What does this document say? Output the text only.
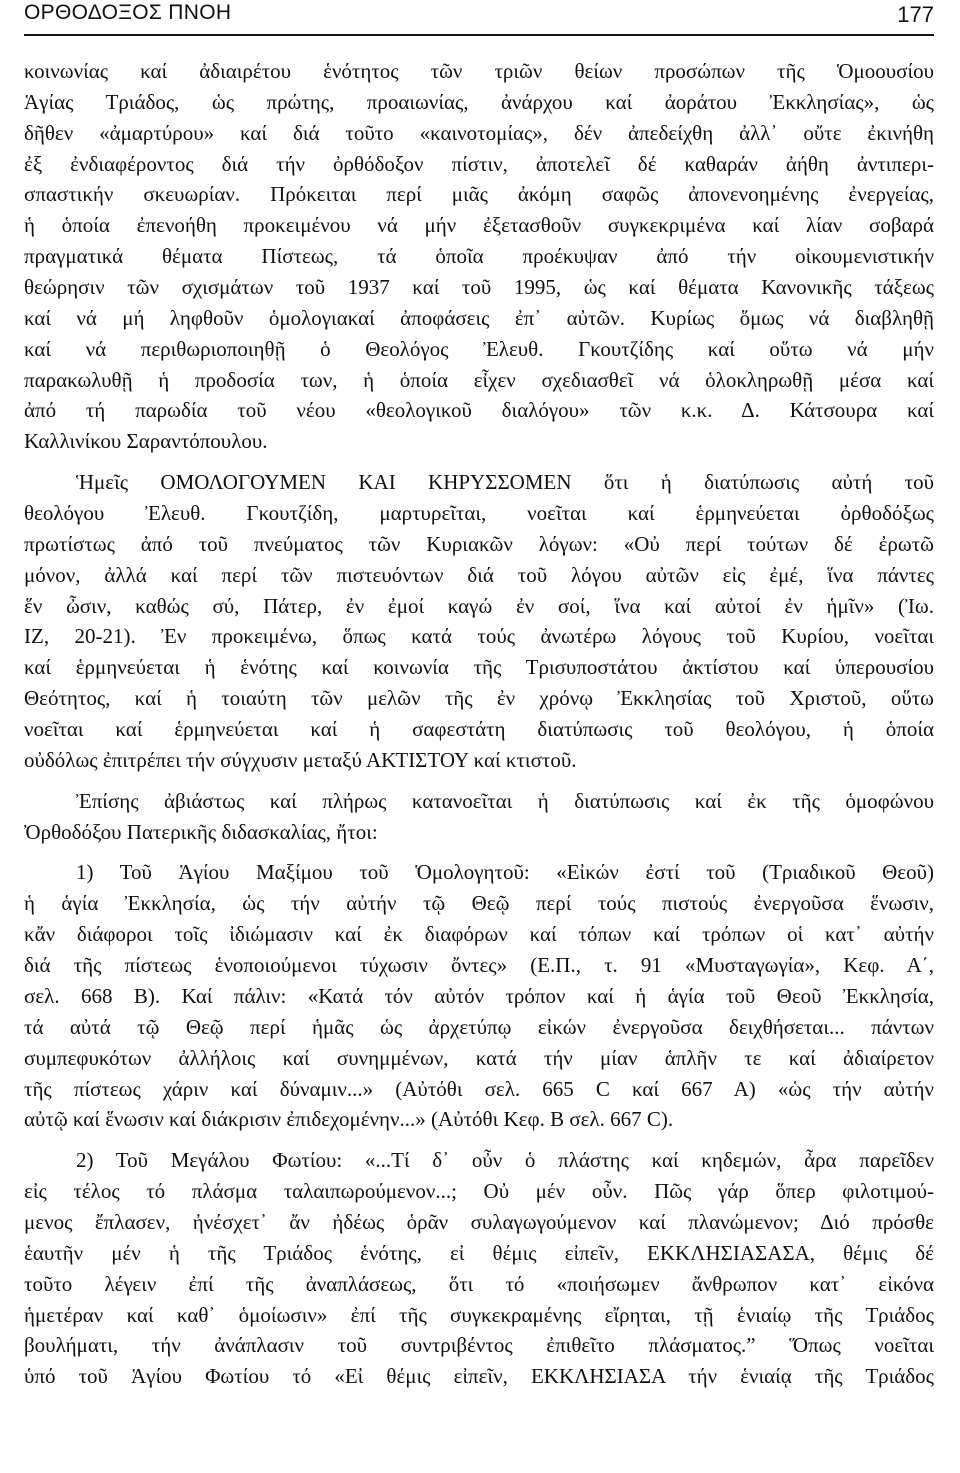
ΟΡΘΟΔΟΞΟΣ ΠΝΟΗ	177
κοινωνίας καί ἀδιαιρέτου ἑνότητος τῶν τριῶν θείων προσώπων τῆς Ὁμοουσίου
Ἁγίας Τριάδος, ὡς πρώτης, προαιωνίας, ἀνάρχου καί ἀοράτου Ἐκκλησίας», ὡς
δῆθεν «ἀμαρτύρου» καί διά τοῦτο «καινοτομίας», δέν ἀπεδείχθη ἀλλ᾽ οὔτε ἐκινήθη
ἐξ ἐνδιαφέροντος διά τήν ὀρθόδοξον πίστιν, ἀποτελεῖ δέ καθαράν ἀήθη ἀντιπερι-
σπαστικήν σκευωρίαν. Πρόκειται περί μιᾶς ἀκόμη σαφῶς ἀπονενοημένης ἐνεργείας,
ἡ ὁποία ἐπενοήθη προκειμένου νά μήν ἐξετασθοῦν συγκεκριμένα καί λίαν σοβαρά
πραγματικά θέματα Πίστεως, τά ὁποῖα προέκυψαν ἀπό τήν οἰκουμενιστικήν
θεώρησιν τῶν σχισμάτων τοῦ 1937 καί τοῦ 1995, ὡς καί θέματα Κανονικῆς τάξεως
καί νά μή ληφθοῦν ὁμολογιακαί ἀποφάσεις ἐπ᾽ αὐτῶν. Κυρίως ὅμως νά διαβληθῇ
καί νά περιθωριοποιηθῇ ὁ Θεολόγος Ἐλευθ. Γκουτζίδης καί οὕτω νά μήν
παρακωλυθῇ ἡ προδοσία των, ἡ ὁποία εἶχεν σχεδιασθεῖ νά ὁλοκληρωθῇ μέσα καί
ἀπό τή παρωδία τοῦ νέου «θεολογικοῦ διαλόγου» τῶν κ.κ. Δ. Κάτσουρα καί
Καλλινίκου Σαραντόπουλου.
Ἡμεῖς ΟΜΟΛΟΓΟΥΜΕΝ ΚΑΙ ΚΗΡΥΣΣΟΜΕΝ ὅτι ἡ διατύπωσις αὐτή τοῦ
θεολόγου Ἐλευθ. Γκουτζίδη, μαρτυρεῖται, νοεῖται καί ἑρμηνεύεται ὀρθοδόξως
πρωτίστως ἀπό τοῦ πνεύματος τῶν Κυριακῶν λόγων: «Οὐ περί τούτων δέ ἐρωτῶ
μόνον, ἀλλά καί περί τῶν πιστευόντων διά τοῦ λόγου αὐτῶν εἰς ἐμέ, ἵνα πάντες
ἕν ὦσιν, καθώς σύ, Πάτερ, ἐν ἐμοί καγώ ἐν σοί, ἵνα καί αὐτοί ἐν ἡμῖν» (Ἰω.
ΙΖ, 20-21). Ἐν προκειμένω, ὅπως κατά τούς ἀνωτέρω λόγους τοῦ Κυρίου, νοεῖται
καί ἑρμηνεύεται ἡ ἑνότης καί κοινωνία τῆς Τρισυποστάτου ἀκτίστου καί ὑπερουσίου
Θεότητος, καί ἡ τοιαύτη τῶν μελῶν τῆς ἐν χρόνῳ Ἐκκλησίας τοῦ Χριστοῦ, οὕτω
νοεῖται καί ἑρμηνεύεται καί ἡ σαφεστάτη διατύπωσις τοῦ θεολόγου, ἡ ὁποία
οὐδόλως ἐπιτρέπει τήν σύγχυσιν μεταξύ ΑΚΤΙΣΤΟΥ καί κτιστοῦ.
Ἐπίσης ἀβιάστως καί πλήρως κατανοεῖται ἡ διατύπωσις καί ἐκ τῆς ὁμοφώνου
Ὀρθοδόξου Πατερικῆς διδασκαλίας, ἤτοι:
1) Τοῦ Ἁγίου Μαξίμου τοῦ Ὁμολογητοῦ: «Εἰκών ἐστί τοῦ (Τριαδικοῦ Θεοῦ)
ἡ ἁγία Ἐκκλησία, ὡς τήν αὐτήν τῷ Θεῷ περί τούς πιστούς ἐνεργοῦσα ἕνωσιν,
κἄν διάφοροι τοῖς ἰδιώμασιν καί ἐκ διαφόρων καί τόπων καί τρόπων οἱ κατ᾽ αὐτήν
διά τῆς πίστεως ἑνοποιούμενοι τύχωσιν ὄντες» (Ε.Π., τ. 91 «Μυσταγωγία», Κεφ. Α΄,
σελ. 668 Β). Καί πάλιν: «Κατά τόν αὐτόν τρόπον καί ἡ ἁγία τοῦ Θεοῦ Ἐκκλησία,
τά αὐτά τῷ Θεῷ περί ἡμᾶς ὡς ἀρχετύπῳ εἰκών ἐνεργοῦσα δειχθήσεται... πάντων
συμπεφυκότων ἀλλήλοις καί συνημμένων, κατά τήν μίαν ἁπλῆν τε καί ἀδιαίρετον
τῆς πίστεως χάριν καί δύναμιν...» (Αὐτόθι σελ. 665 C καί 667 Α) «ὡς τήν αὐτήν
αὐτῷ καί ἕνωσιν καί διάκρισιν ἐπιδεχομένην...» (Αὐτόθι Κεφ. Β σελ. 667 C).
2) Τοῦ Μεγάλου Φωτίου: «...Τί δ᾽ οὖν ὁ πλάστης καί κηδεμών, ἆρα παρεῖδεν
εἰς τέλος τό πλάσμα ταλαιπωρούμενον...; Οὐ μέν οὖν. Πῶς γάρ ὅπερ φιλοτιμού-
μενος ἔπλασεν, ἠνέσχετ᾽ ἄν ἠδέως ὁρᾶν συλαγωγούμενον καί πλανώμενον; Διό πρόσθε
ἑαυτῆν μέν ἡ τῆς Τριάδος ἑνότης, εἰ θέμις εἰπεῖν, ΕΚΚΛΗΣΙΑΣΑΣΑ, θέμις δέ
τοῦτο λέγειν ἐπί τῆς ἀναπλάσεως, ὅτι τό «ποιήσωμεν ἄνθρωπον κατ᾽ εἰκόνα
ἡμετέραν καί καθ᾽ ὁμοίωσιν» ἐπί τῆς συγκεκραμένης εἴρηται, τῇ ἑνιαίῳ τῆς Τριάδος
βουλήματι, τήν ἀνάπλασιν τοῦ συντριβέντος ἐπιθεῖτο πλάσματος.” Ὅπως νοεῖται
ὑπό τοῦ Ἁγίου Φωτίου τό «Εἰ θέμις εἰπεῖν, ΕΚΚΛΗΣΙΑΣΑ τήν ἑνιαίᾳ τῆς Τριάδος
